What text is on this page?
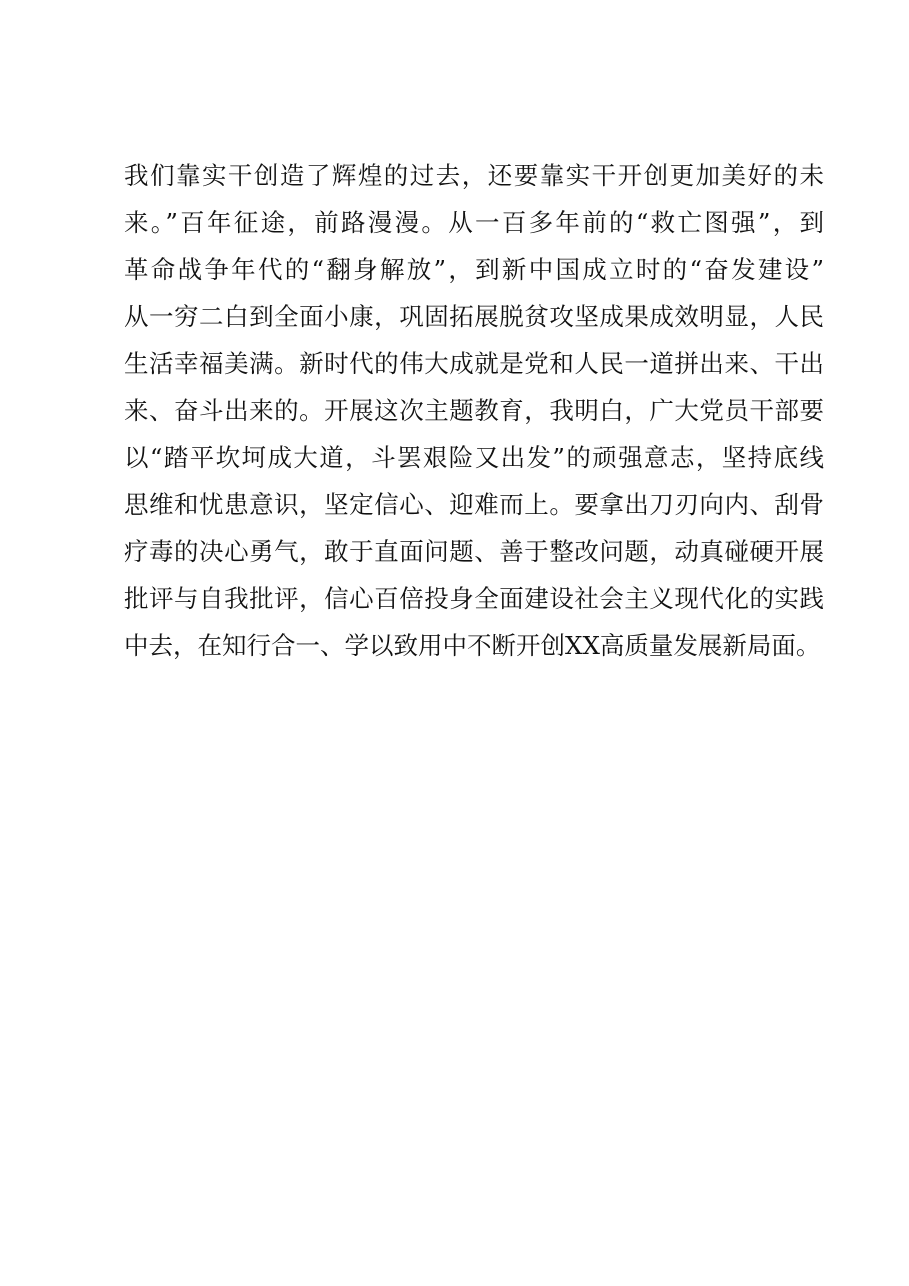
我们靠实干创造了辉煌的过去，还要靠实干开创更加美好的未
来。”百年征途，前路漫漫。从一百多年前的“救亡图强”，到
革命战争年代的“翻身解放”，到新中国成立时的“奋发建设”
从一穷二白到全面小康，巩固拓展脱贫攻坚成果成效明显，人民
生活幸福美满。新时代的伟大成就是党和人民一道拼出来、干出
来、奋斗出来的。开展这次主题教育，我明白，广大党员干部要
以“踏平坎坷成大道，斗罢艰险又出发”的顽强意志，坚持底线
思维和忧患意识，坚定信心、迎难而上。要拿出刀刃向内、刮骨
疗毒的决心勇气，敢于直面问题、善于整改问题，动真碰硬开展
批评与自我批评，信心百倍投身全面建设社会主义现代化的实践
中去，在知行合一、学以致用中不断开创XX高质量发展新局面。
